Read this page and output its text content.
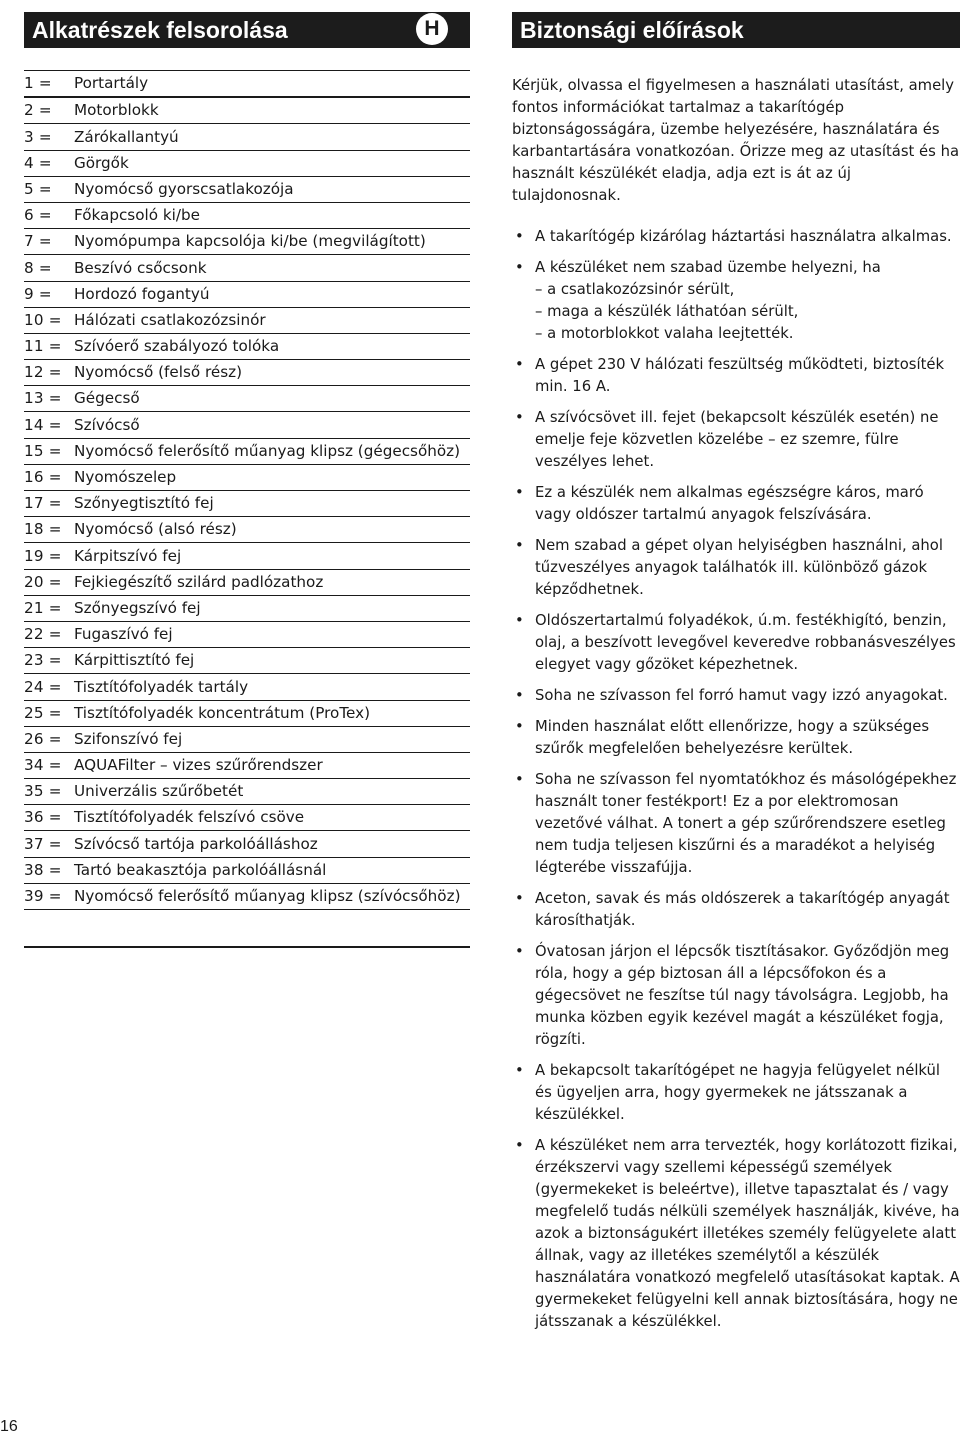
Alkatrészek felsorolása	H	Biztonsági előírások
1 =	Portartály
2 =	Motorblokk
3 =	Zárókallantyú
4 =	Görgők
5 =	Nyomócső gyorscsatlakozója
6 =	Főkapcsoló ki/be
7 =	Nyomópumpa kapcsolója ki/be (megvilágított)
8 =	Beszívó csőcsonk
9 =	Hordozó fogantyú
10 = Hálózati csatlakozózsinór
11 = Szívóerő szabályozó tolóka
12 = Nyomócső (felső rész)
13 = Gégecső
14 = Szívócső
15 = Nyomócső felerősítő műanyag klipsz (gégecsőhöz)
16 = Nyomószelep
17 = Szőnyegtisztító fej
18 = Nyomócső (alsó rész)
19 = Kárpitszívó fej
20 = Fejkiegészítő szilárd padlózathoz
21 = Szőnyegszívó fej
22 = Fugaszívó fej
23 = Kárpittisztító fej
24 = Tisztítófolyadék tartály
25 = Tisztítófolyadék koncentrátum (ProTex)
26 = Szifonszívó fej
34 = AQUAFilter – vizes szűrőrendszer
35 = Univerzális szűrőbetét
36 = Tisztítófolyadék felszívó csöve
37 = Szívócső tartója parkolóálláshoz
38 = Tartó beakasztója parkolóállásnál
39 = Nyomócső felerősítő műanyag klipsz (szívócsőhöz)

Kérjük, olvassa el figyelmesen a használati utasítást, amely fontos információkat tartalmaz a takarítógép biztonságosságára, üzembe helyezésére, használatára és karbantartására vonatkozóan. Őrizze meg az utasítást és ha használt készülékét eladja, adja ezt is át az új tulajdonosnak.

• A takarítógép kizárólag háztartási használatra alkalmas.
• A készüléket nem szabad üzembe helyezni, ha
– a csatlakozózsinór sérült,
– maga a készülék láthatóan sérült,
– a motorblokkot valaha leejtették.
• A gépet 230 V hálózati feszültség működteti, biztosíték min. 16 A.
• A szívócsövet ill. fejet (bekapcsolt készülék esetén) ne emelje feje közvetlen közelébe – ez szemre, fülre veszélyes lehet.
• Ez a készülék nem alkalmas egészségre káros, maró vagy oldószer tartalmú anyagok felszívására.
• Nem szabad a gépet olyan helyiségben használni, ahol tűzveszélyes anyagok találhatók ill. különböző gázok képződhetnek.
• Oldószertartalmú folyadékok, ú.m. festékhigító, benzin, olaj, a beszívott levegővel keveredve robbanásveszélyes elegyet vagy gőzöket képezhetnek.
• Soha ne szívasson fel forró hamut vagy izzó anyagokat.
• Minden használat előtt ellenőrizze, hogy a szükséges szűrők megfelelően behelyezésre kerültek.
• Soha ne szívasson fel nyomtatókhoz és másológépekhez használt toner festékport! Ez a por elektromosan vezetővé válhat. A tonert a gép szűrőrendszere esetleg nem tudja teljesen kiszűrni és a maradékot a helyiség légterébe visszafújja.
• Aceton, savak és más oldószerek a takarítógép anyagát károsíthatják.
• Óvatosan járjon el lépcsők tisztításakor. Győződjön meg róla, hogy a gép biztosan áll a lépcsőfokon és a gégecsövet ne feszítse túl nagy távolságra. Legjobb, ha munka közben egyik kezével magát a készüléket fogja, rögzíti.
• A bekapcsolt takarítógépet ne hagyja felügyelet nélkül és ügyeljen arra, hogy gyermekek ne játsszanak a készülékkel.
• A készüléket nem arra tervezték, hogy korlátozott fizikai, érzékszervi vagy szellemi képességű személyek (gyermekeket is beleértve), illetve tapasztalat és / vagy megfelelő tudás nélküli személyek használják, kivéve, ha azok a biztonságukért illetékes személy felügyelete alatt állnak, vagy az illetékes személytől a készülék használatára vonatkozó megfelelő utasításokat kaptak. A gyermekeket felügyelni kell annak biztosítására, hogy ne játsszanak a készülékkel.
16
